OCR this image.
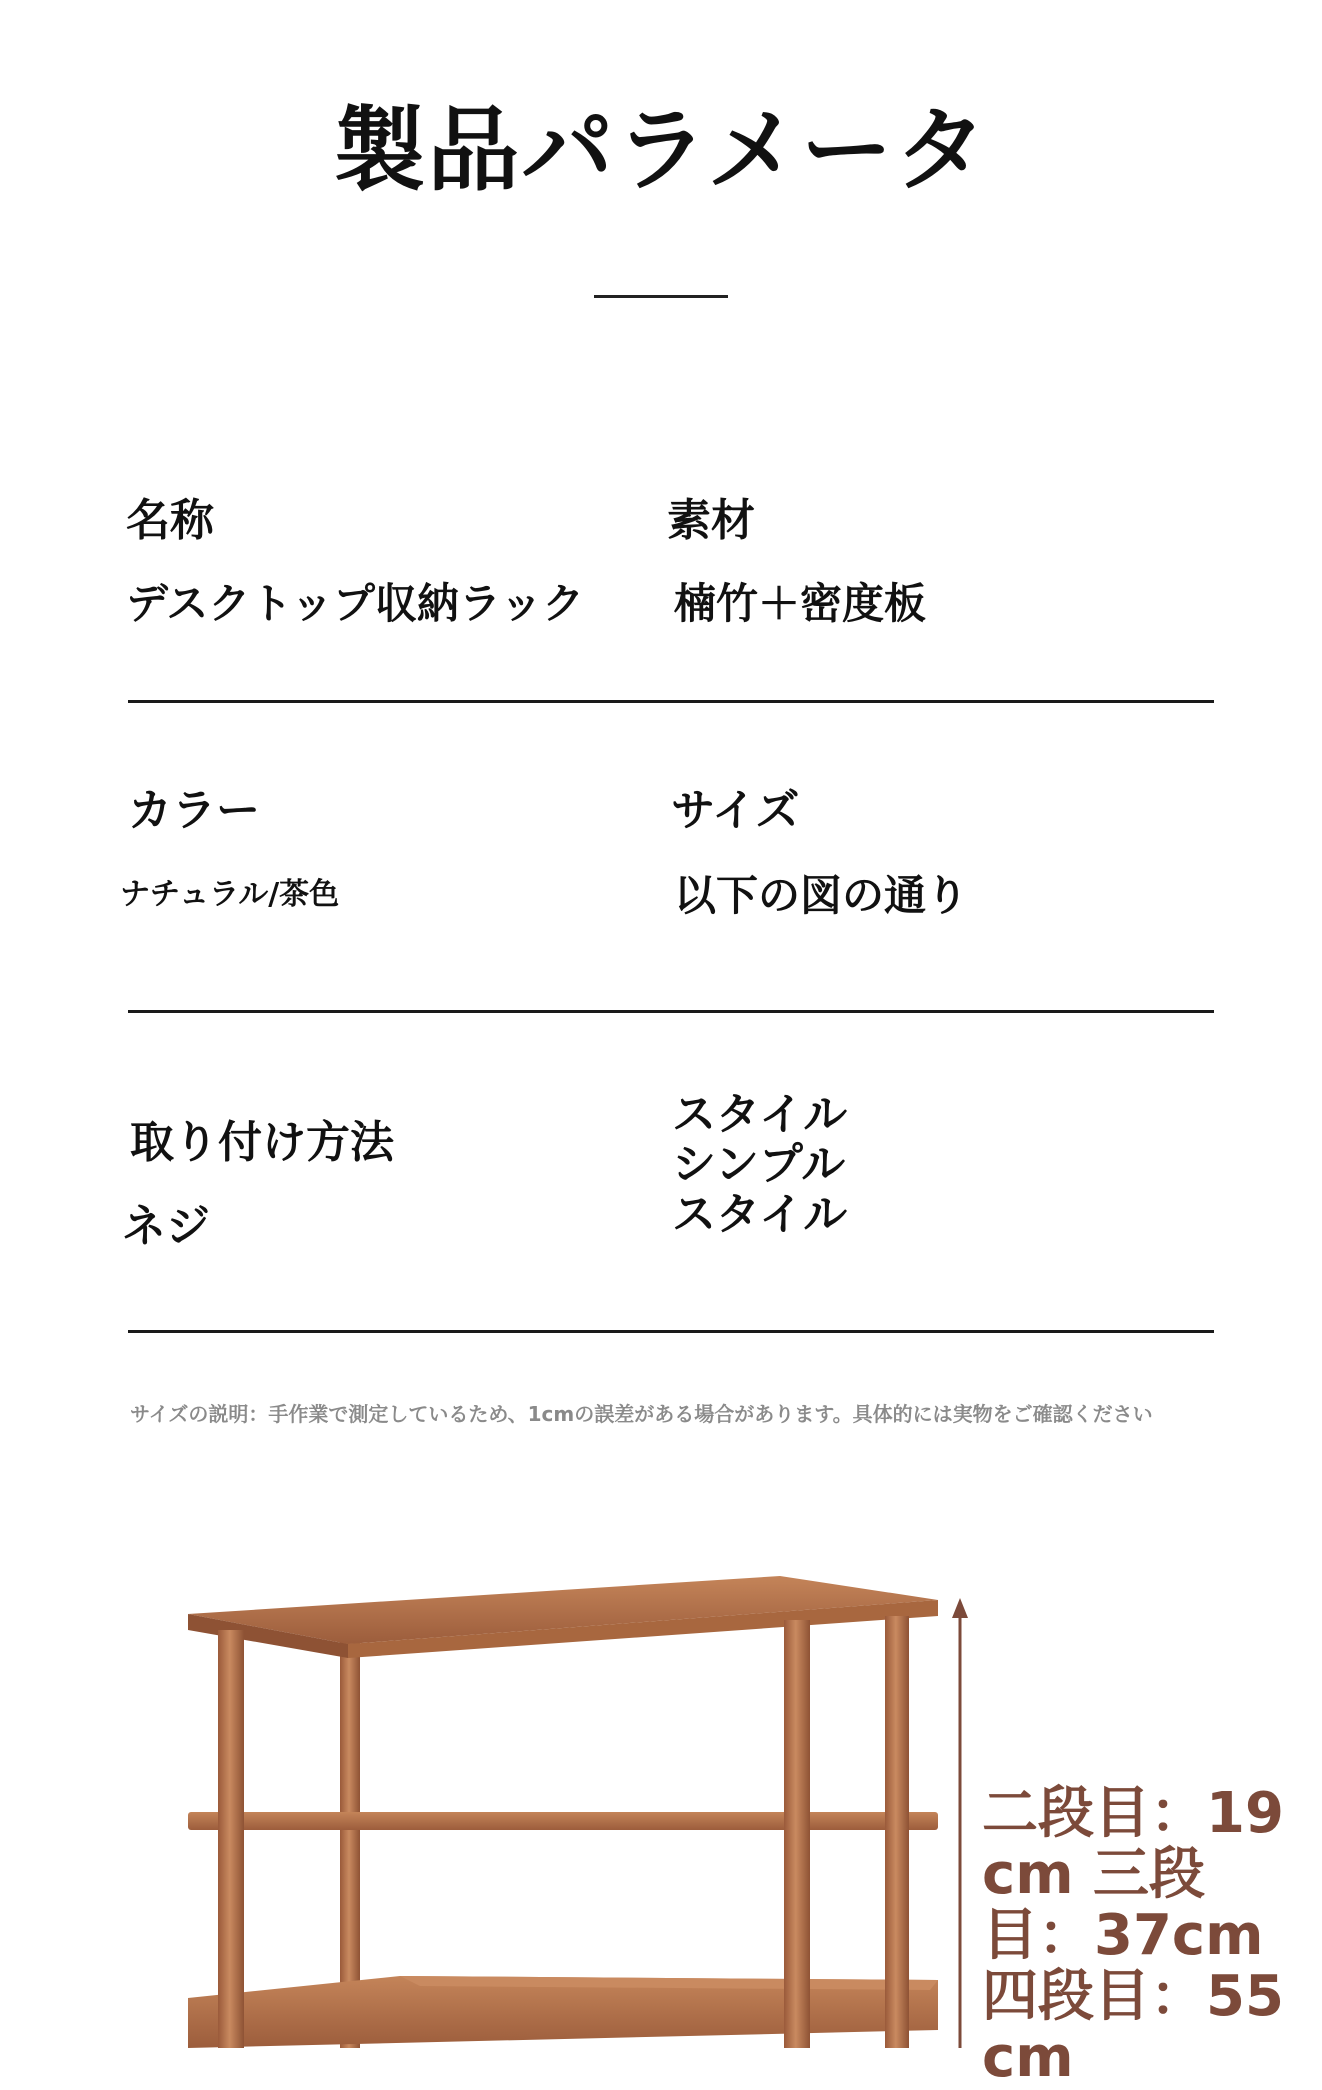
製品パラメータ
名称
デスクトップ収納ラック
素材
楠竹＋密度板
カラー
ナチュラル/茶色
サイズ
以下の図の通り
取り付け方法
ネジ
スタイル シンプルスタイル
サイズの説明：手作業で測定しているため、1cmの誤差がある場合があります。具体的には実物をご確認ください
二段目：19 cm 三段目：37cm 四段目：55cm
